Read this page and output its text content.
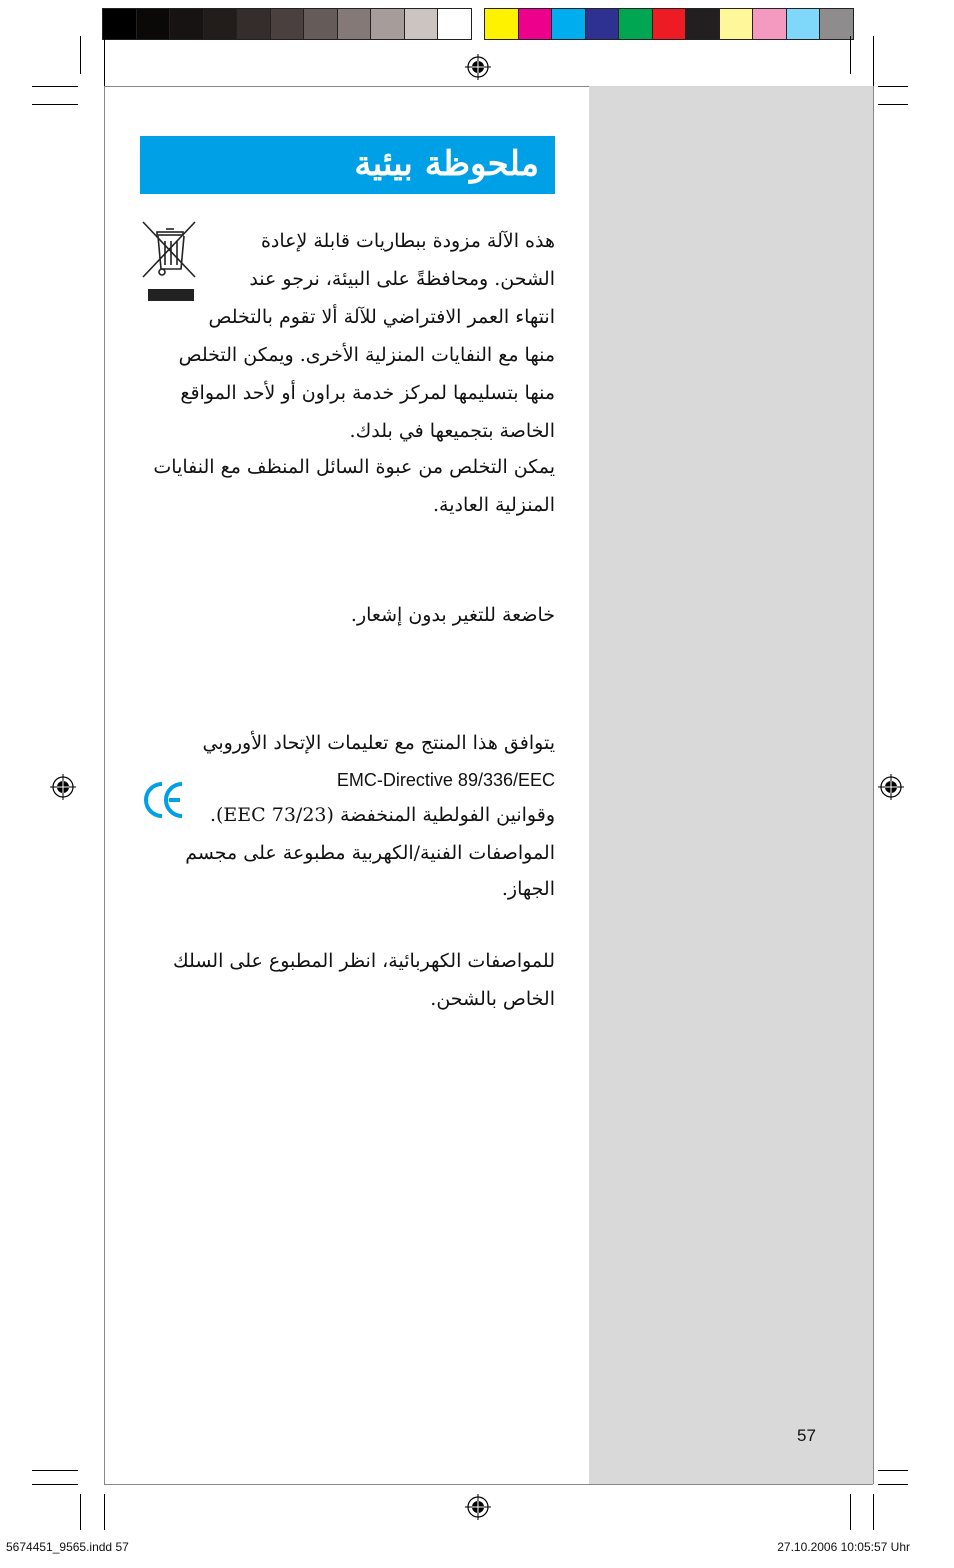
ملحوظة بيئية
هذه الآلة مزودة ببطاريات قابلة لإعادة
الشحن. ومحافظةً على البيئة، نرجو عند
انتهاء العمر الافتراضي للآلة ألا تقوم بالتخلص
منها مع النفايات المنزلية الأخرى. ويمكن التخلص
منها بتسليمها لمركز خدمة براون أو لأحد المواقع
الخاصة بتجميعها في بلدك.
يمكن التخلص من عبوة السائل المنظف مع النفايات
المنزلية العادية.
خاضعة للتغير بدون إشعار.
يتوافق هذا المنتج مع تعليمات الإتحاد الأوروبي
EMC-Directive 89/336/EEC
وقوانين الفولطية المنخفضة (73/23 EEC).
المواصفات الفنية/الكهربية مطبوعة على مجسم
الجهاز.
للمواصفات الكهربائية، انظر المطبوع على السلك
الخاص بالشحن.
57
5674451_9565.indd 57	27.10.2006 10:05:57 Uhr
